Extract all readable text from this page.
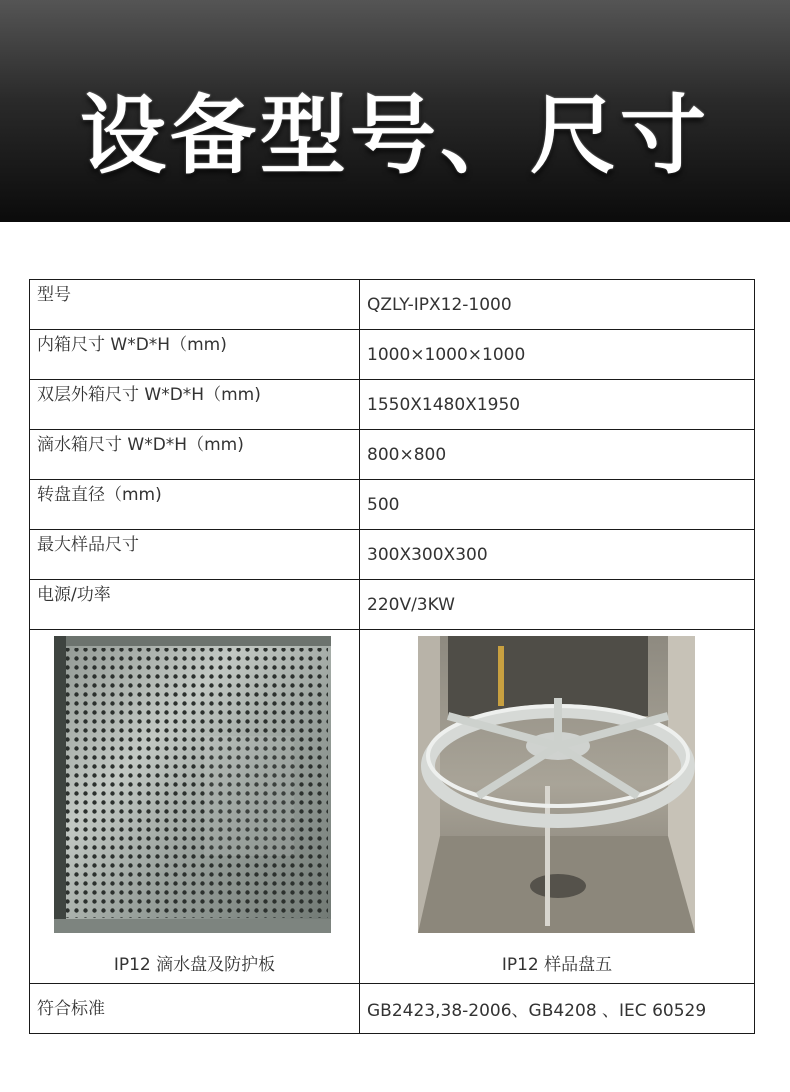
设备型号、尺寸
型号	QZLY-IPX12-1000
内箱尺寸 W*D*H（mm)	1000×1000×1000
双层外箱尺寸 W*D*H（mm)	1550X1480X1950
滴水箱尺寸 W*D*H（mm)	800×800
转盘直径（mm)	500
最大样品尺寸	300X300X300
电源/功率	220V/3KW

IP12 滴水盘及防护板	IP12 样品盘五

符合标准	GB2423,38-2006、GB4208 、IEC 60529
